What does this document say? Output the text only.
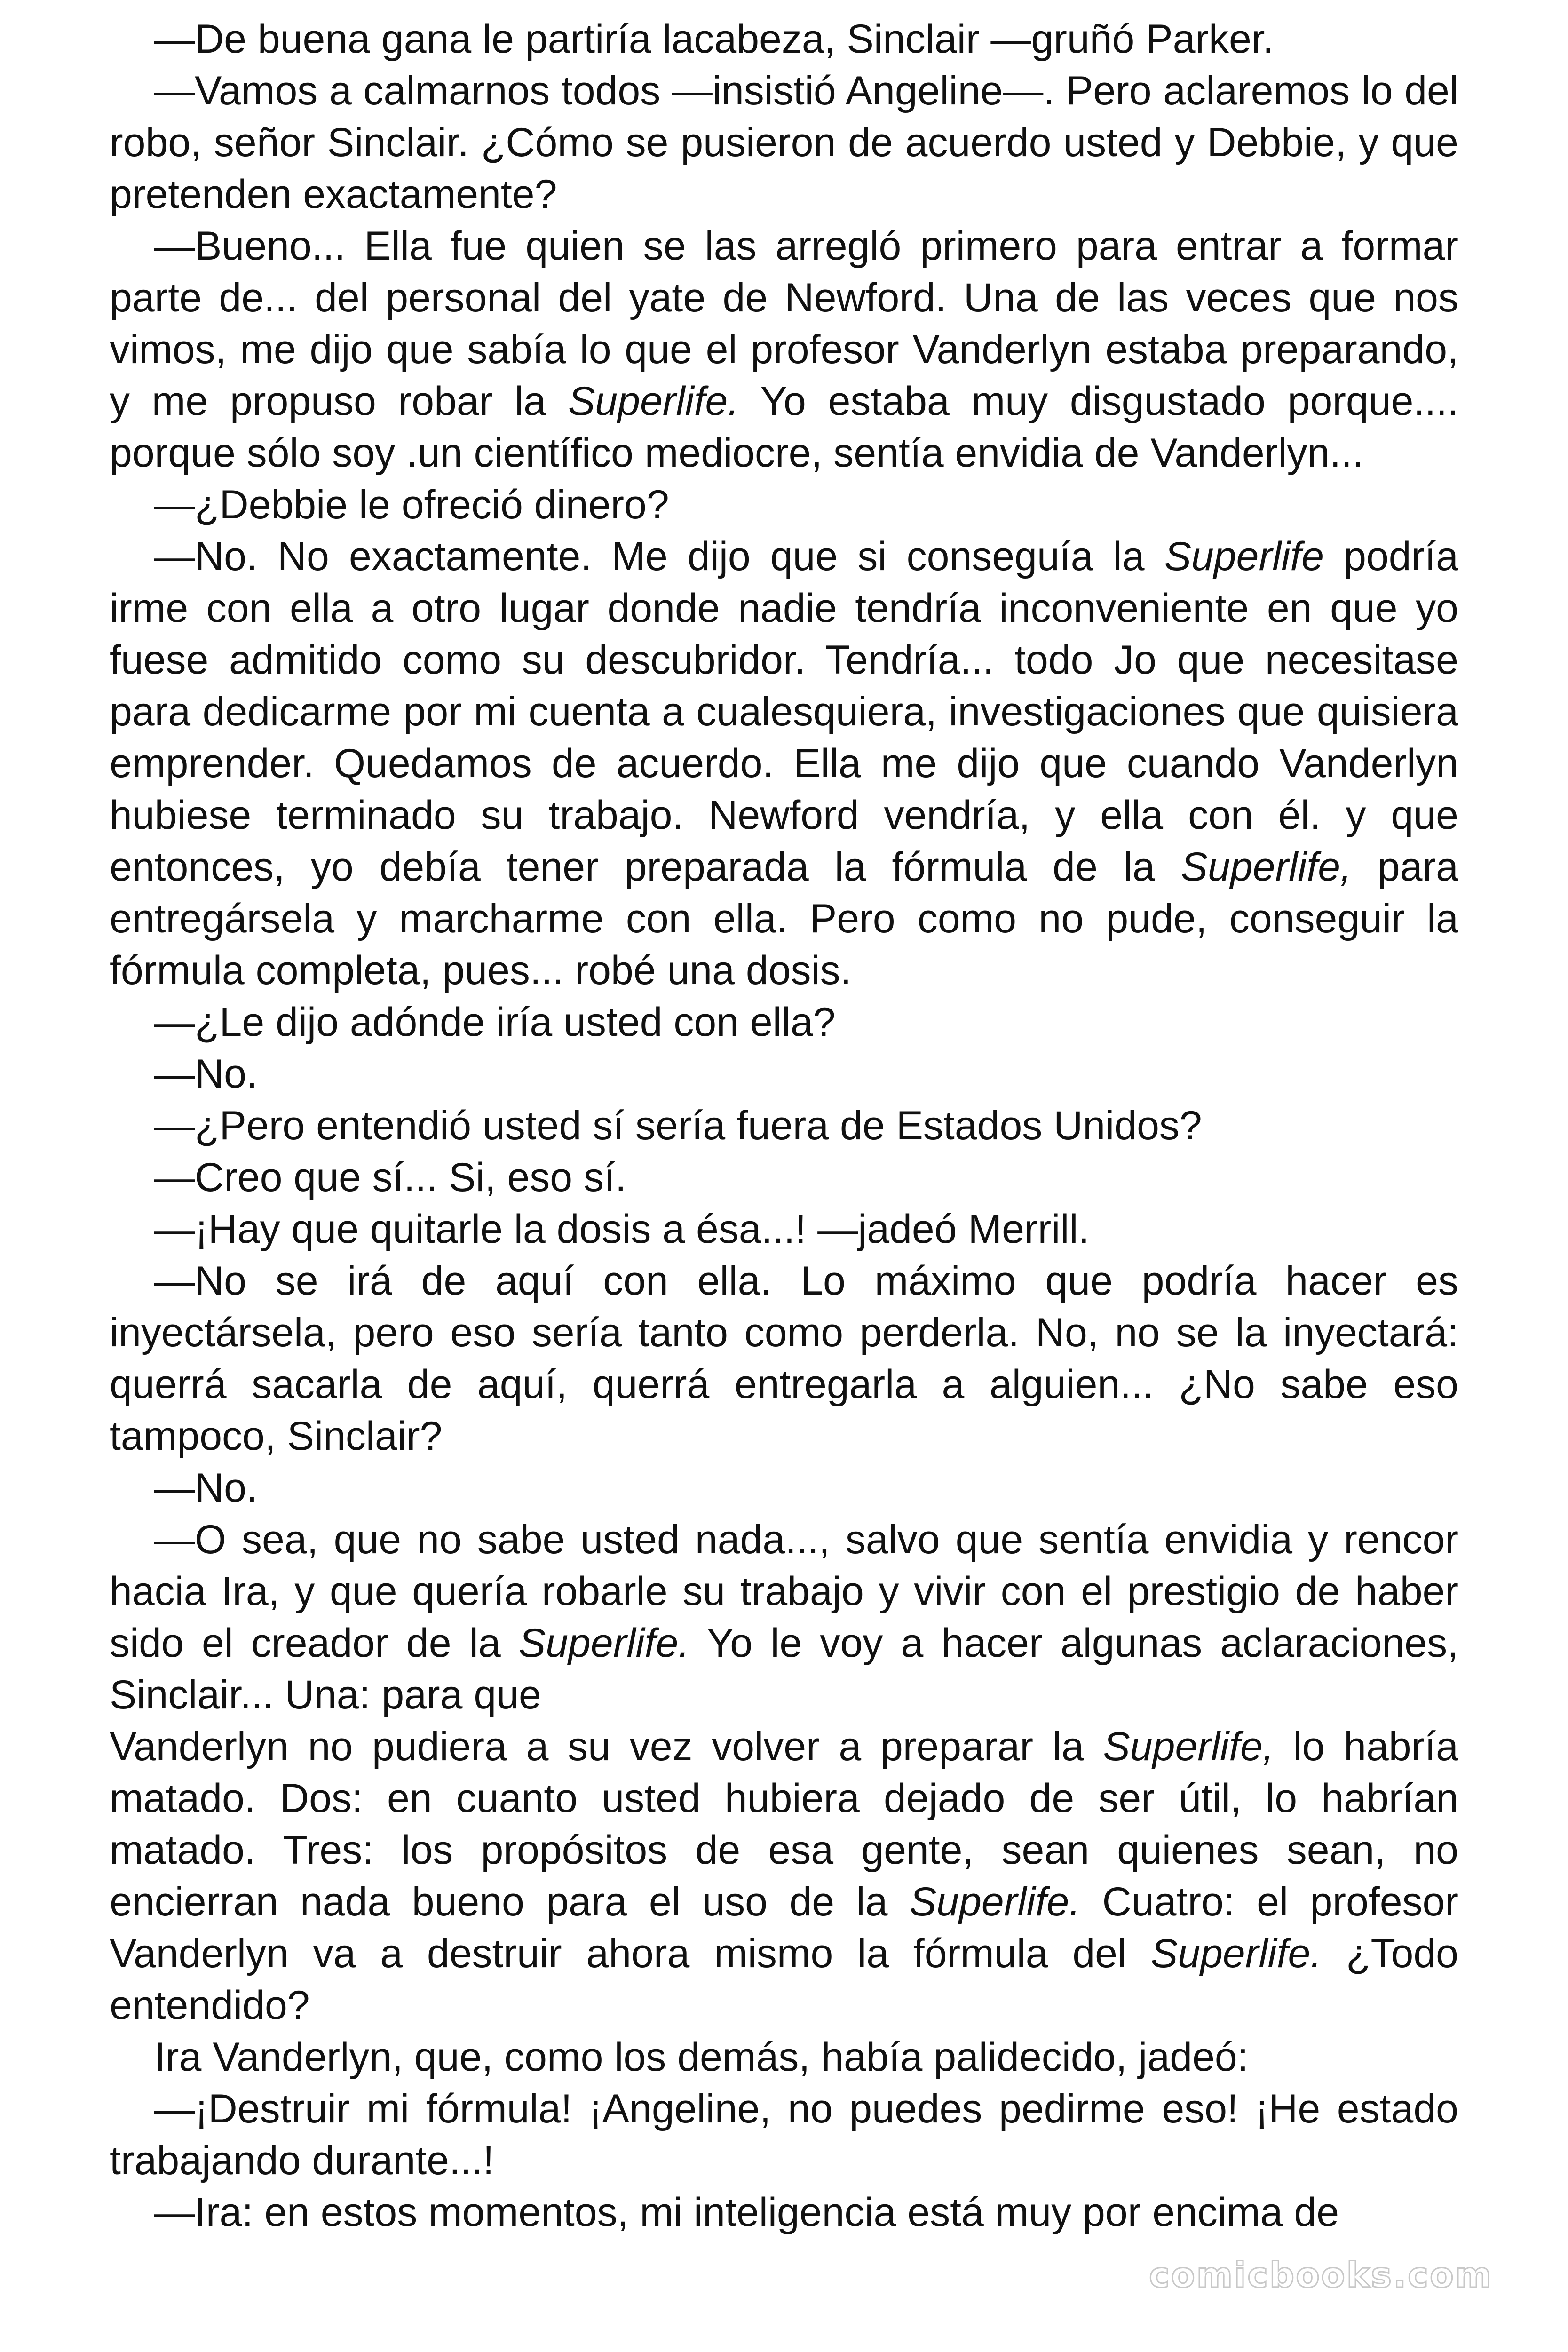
—De buena gana le partiría lacabeza, Sinclair —gruñó Parker.

—Vamos a calmarnos todos —insistió Angeline—. Pero aclaremos lo del robo, señor Sinclair. ¿Cómo se pusieron de acuerdo usted y Debbie, y que pretenden exactamente?

—Bueno... Ella fue quien se las arregló primero para entrar a formar parte de... del personal del yate de Newford. Una de las veces que nos vimos, me dijo que sabía lo que el profesor Vanderlyn estaba preparando, y me propuso robar la Superlife. Yo estaba muy disgustado porque.... porque sólo soy .un científico mediocre, sentía envidia de Vanderlyn...

—¿Debbie le ofreció dinero?

—No. No exactamente. Me dijo que si conseguía la Superlife podría irme con ella a otro lugar donde nadie tendría inconveniente en que yo fuese admitido como su descubridor. Tendría... todo Jo que necesitase para dedicarme por mi cuenta a cualesquiera, investigaciones que quisiera emprender. Quedamos de acuerdo. Ella me dijo que cuando Vanderlyn hubiese terminado su trabajo. Newford vendría, y ella con él. y que entonces, yo debía tener preparada la fórmula de la Superlife, para entregársela y marcharme con ella. Pero como no pude, conseguir la fórmula completa, pues... robé una dosis.

—¿Le dijo adónde iría usted con ella?

—No.

—¿Pero entendió usted sí sería fuera de Estados Unidos?

—Creo que sí... Si, eso sí.

—¡Hay que quitarle la dosis a ésa...! —jadeó Merrill.

—No se irá de aquí con ella. Lo máximo que podría hacer es inyectársela, pero eso sería tanto como perderla. No, no se la inyectará: querrá sacarla de aquí, querrá entregarla a alguien... ¿No sabe eso tampoco, Sinclair?

—No.

—O sea, que no sabe usted nada..., salvo que sentía envidia y rencor hacia Ira, y que quería robarle su trabajo y vivir con el prestigio de haber sido el creador de la Superlife. Yo le voy a hacer algunas aclaraciones, Sinclair... Una: para que

Vanderlyn no pudiera a su vez volver a preparar la Superlife, lo habría matado. Dos: en cuanto usted hubiera dejado de ser útil, lo habrían matado. Tres: los propósitos de esa gente, sean quienes sean, no encierran nada bueno para el uso de la Superlife. Cuatro: el profesor Vanderlyn va a destruir ahora mismo la fórmula del Superlife. ¿Todo entendido?

Ira Vanderlyn, que, como los demás, había palidecido, jadeó:

—¡Destruir mi fórmula! ¡Angeline, no puedes pedirme eso! ¡He estado trabajando durante...!

—Ira: en estos momentos, mi inteligencia está muy por encima de

comicbooks.com
